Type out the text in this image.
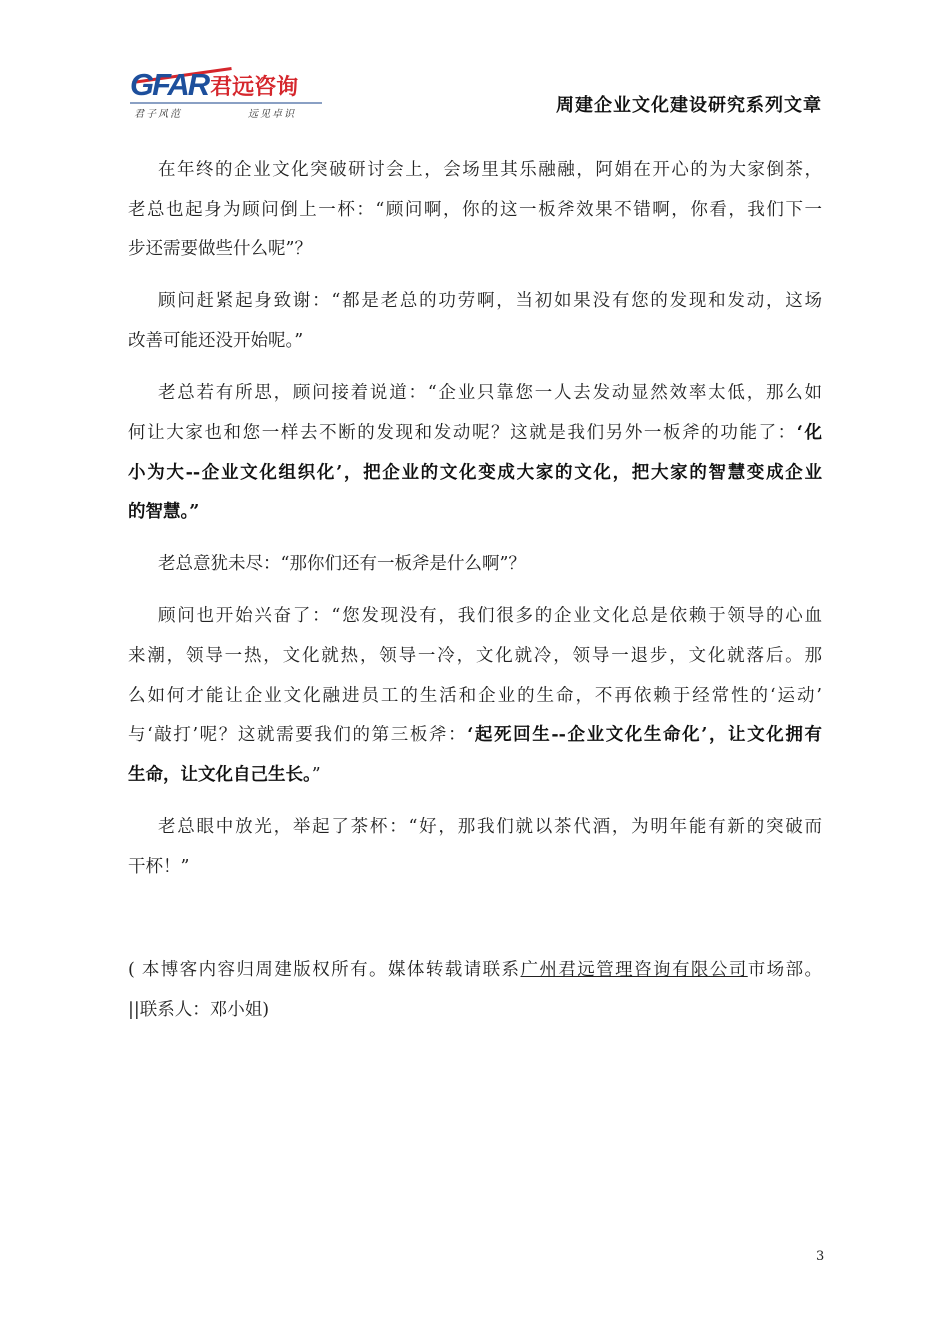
GFAR 君远咨询
君子风范	远见卓识	周建企业文化建设研究系列文章
在年终的企业文化突破研讨会上，会场里其乐融融，阿娟在开心的为大家倒茶，
老总也起身为顾问倒上一杯：“顾问啊，你的这一板斧效果不错啊，你看，我们下一
步还需要做些什么呢”？
顾问赶紧起身致谢：“都是老总的功劳啊，当初如果没有您的发现和发动，这场
改善可能还没开始呢。”
老总若有所思，顾问接着说道：“企业只靠您一人去发动显然效率太低，那么如
何让大家也和您一样去不断的发现和发动呢？这就是我们另外一板斧的功能了：‘化
小为大--企业文化组织化’，把企业的文化变成大家的文化，把大家的智慧变成企业
的智慧。”
老总意犹未尽：“那你们还有一板斧是什么啊”？
顾问也开始兴奋了：“您发现没有，我们很多的企业文化总是依赖于领导的心血
来潮，领导一热，文化就热，领导一冷，文化就冷，领导一退步，文化就落后。那
么如何才能让企业文化融进员工的生活和企业的生命，不再依赖于经常性的‘运动’
与‘敲打’呢？这就需要我们的第三板斧：‘起死回生--企业文化生命化’，让文化拥有
生命，让文化自己生长。”
老总眼中放光，举起了茶杯：“好，那我们就以茶代酒，为明年能有新的突破而
干杯！”
( 本博客内容归周建版权所有。媒体转载请联系广州君远管理咨询有限公司市场部。
||联系人：邓小姐)
3
